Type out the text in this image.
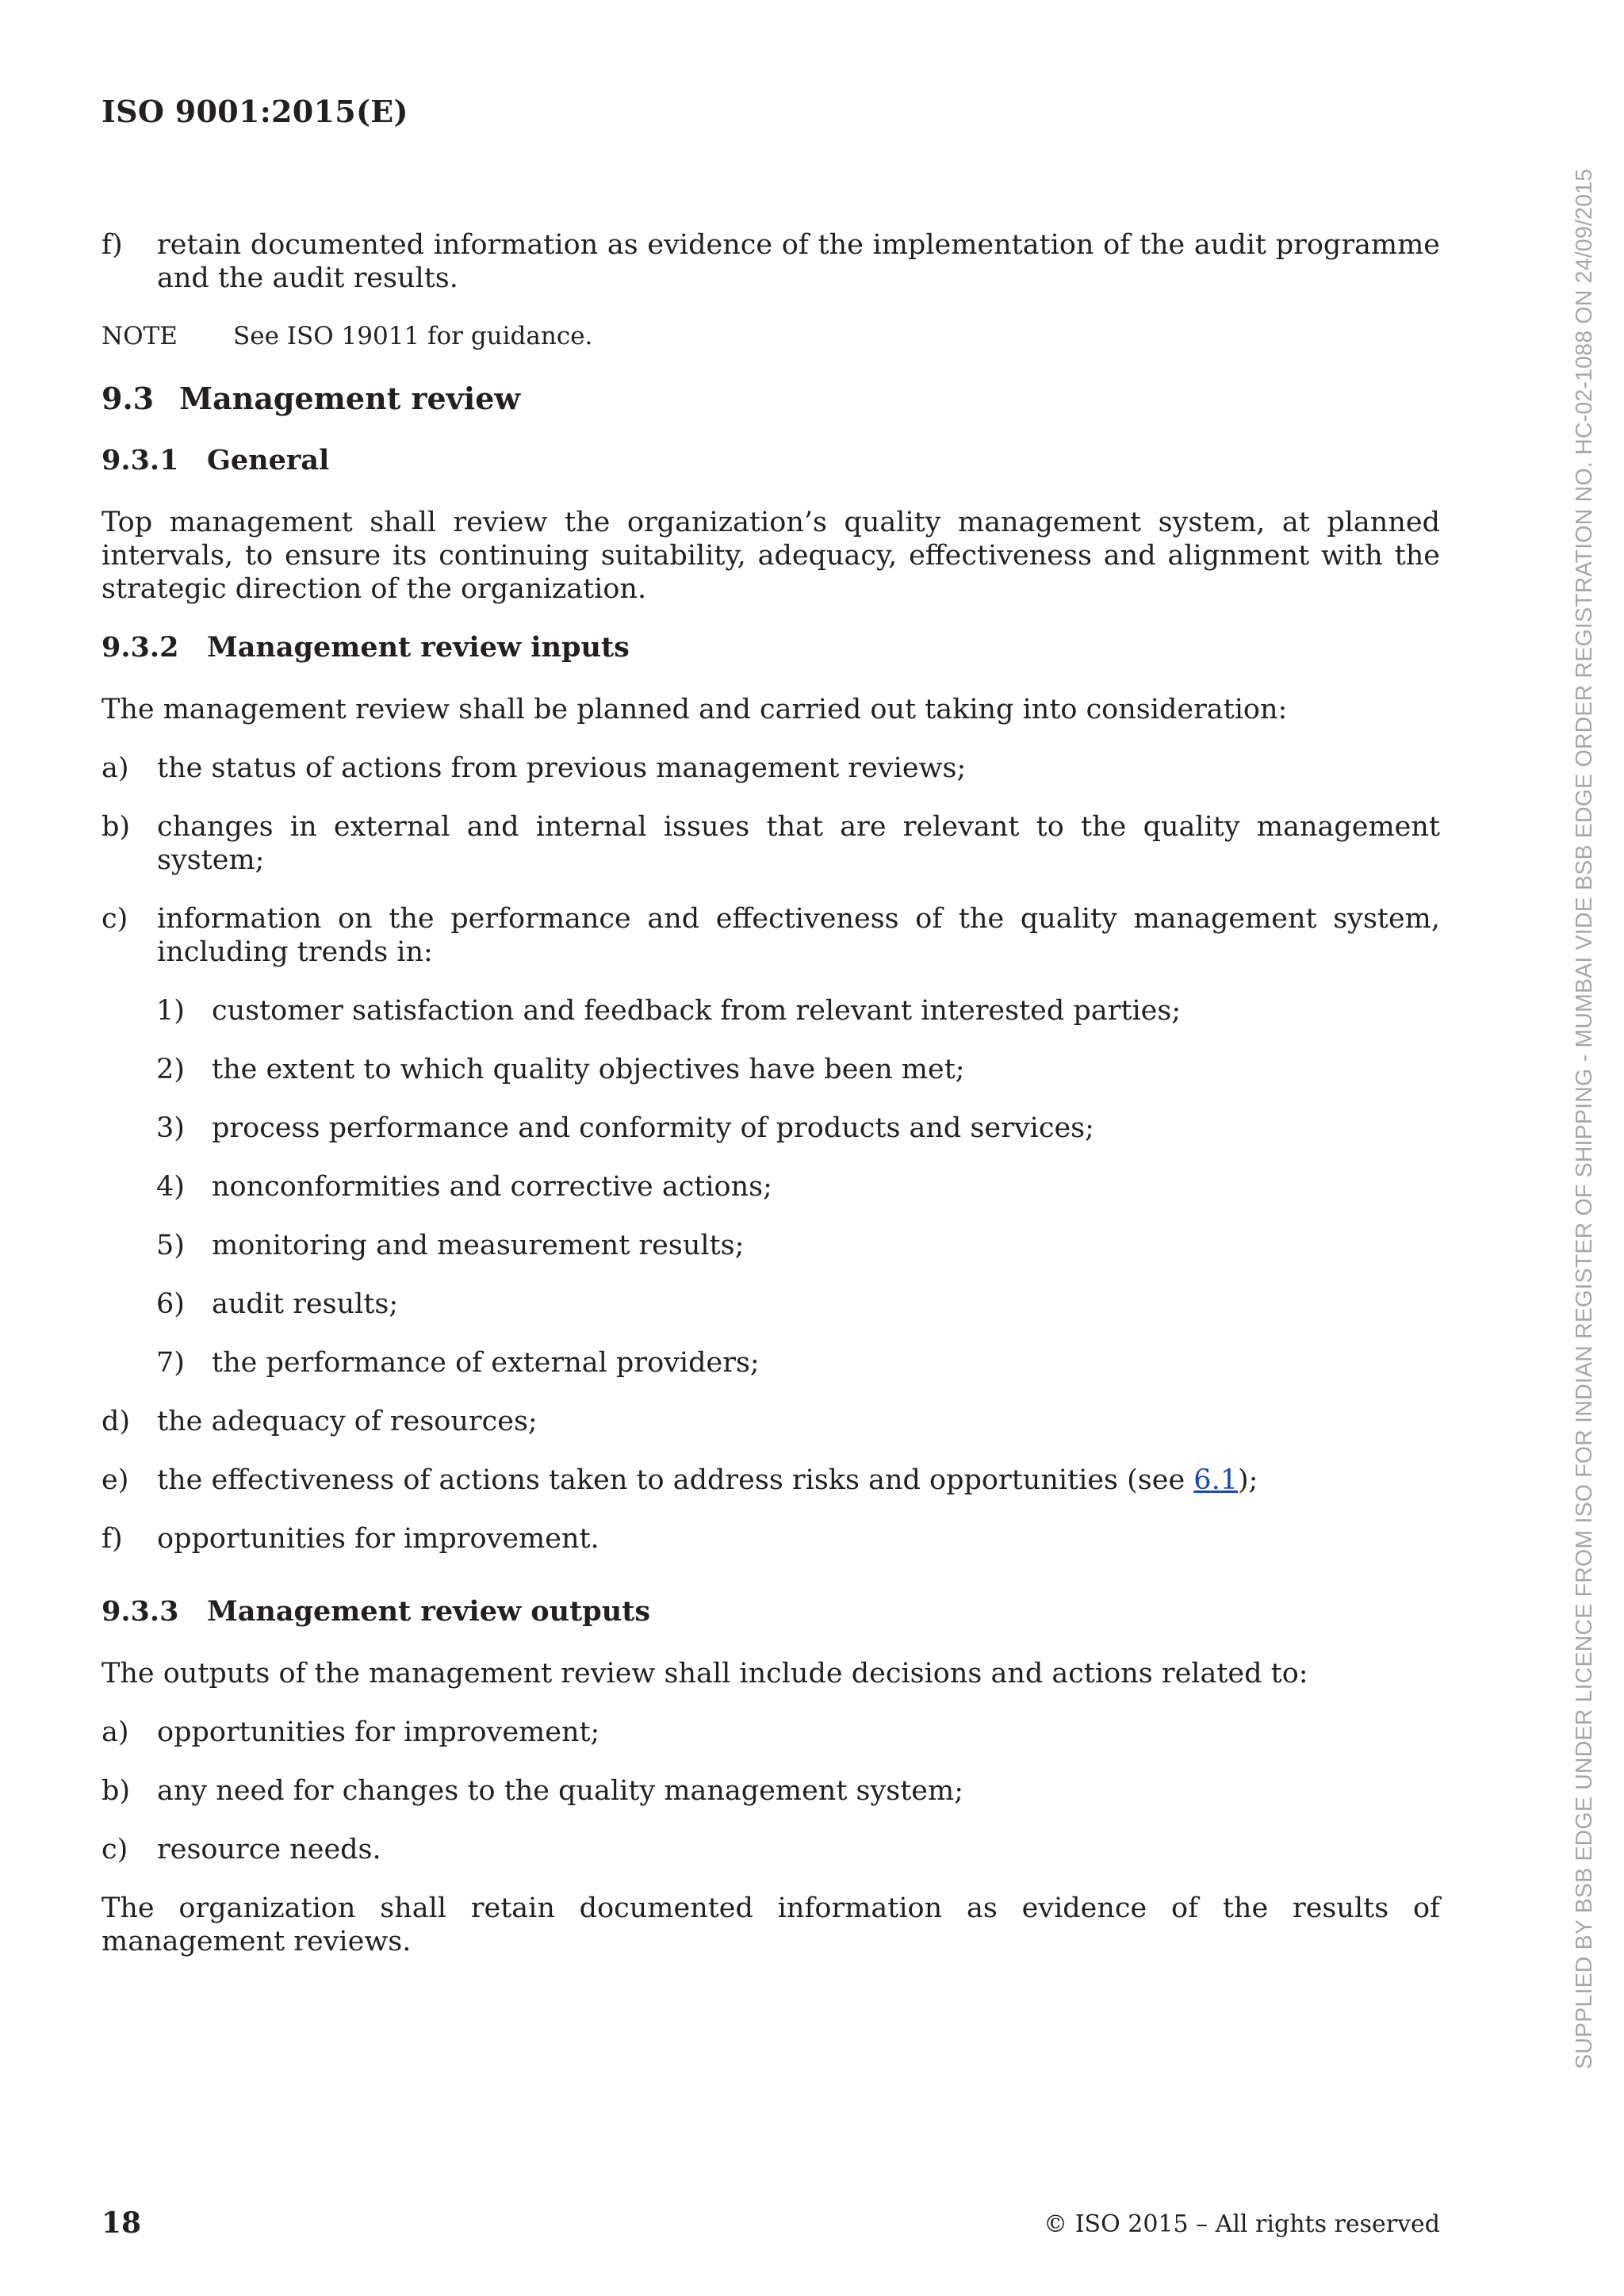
ISO 9001:2015(E)
f) retain documented information as evidence of the implementation of the audit programme and the audit results.
NOTE See ISO 19011 for guidance.
9.3 Management review
9.3.1 General

Top management shall review the organization’s quality management system, at planned intervals, to ensure its continuing suitability, adequacy, effectiveness and alignment with the strategic direction of the organization.

9.3.2 Management review inputs

The management review shall be planned and carried out taking into consideration:

a) the status of actions from previous management reviews;
b) changes in external and internal issues that are relevant to the quality management system;
c) information on the performance and effectiveness of the quality management system, including trends in:
1) customer satisfaction and feedback from relevant interested parties;
2) the extent to which quality objectives have been met;
3) process performance and conformity of products and services;
4) nonconformities and corrective actions;
5) monitoring and measurement results;
6) audit results;
7) the performance of external providers;
d) the adequacy of resources;
e) the effectiveness of actions taken to address risks and opportunities (see 6.1);
f) opportunities for improvement.
9.3.3 Management review outputs

The outputs of the management review shall include decisions and actions related to:

a) opportunities for improvement;
b) any need for changes to the quality management system;
c) resource needs.

The organization shall retain documented information as evidence of the results of management reviews.

18	© ISO 2015 – All rights reserved
SUPPLIED BY BSB EDGE UNDER LICENCE FROM ISO FOR INDIAN REGISTER OF SHIPPING - MUMBAI VIDE BSB EDGE ORDER REGISTRATION NO. HC-02-1088 ON 24/09/2015
